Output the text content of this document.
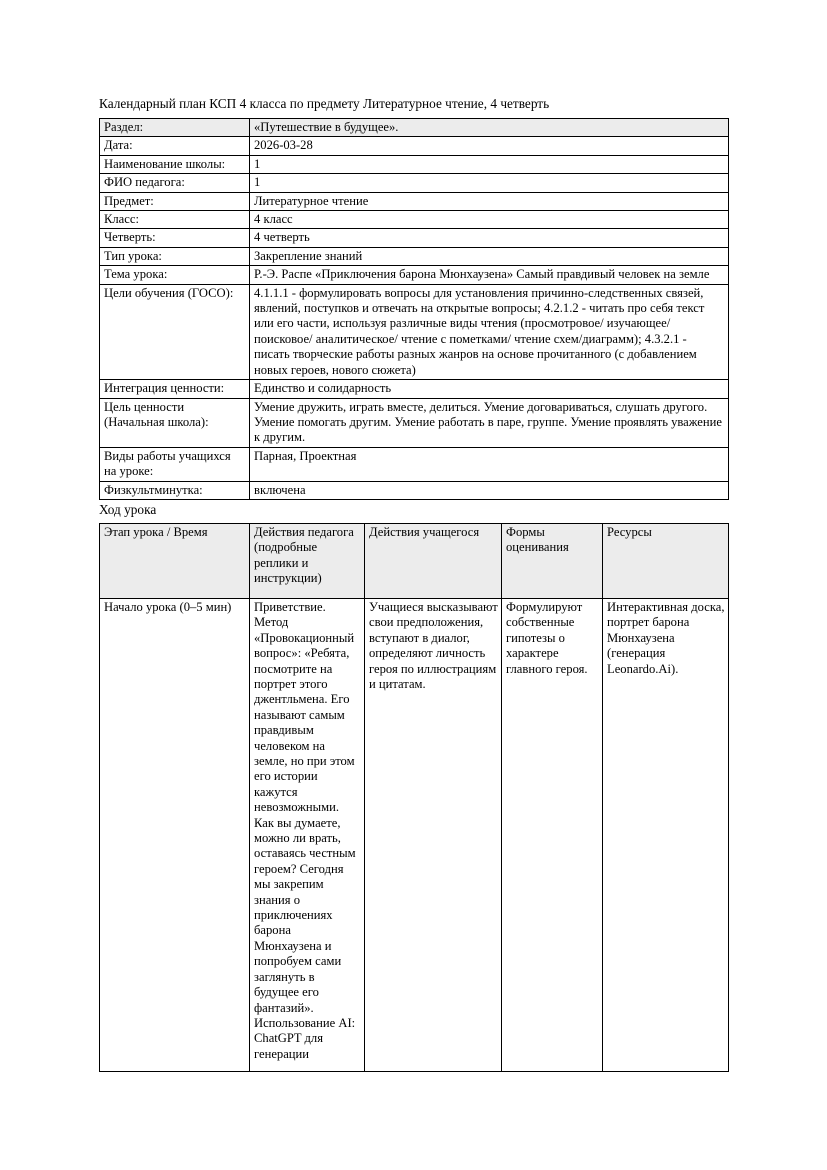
Календарный план КСП 4 класса по предмету Литературное чтение, 4 четверть

Раздел:	«Путешествие в будущее».
Дата:	2026-03-28
Наименование школы:	1
ФИО педагога:	1
Предмет:	Литературное чтение
Класс:	4 класс
Четверть:	4 четверть
Тип урока:	Закрепление знаний
Тема урока:	Р.-Э. Распе «Приключения барона Мюнхаузена» Самый правдивый человек на земле
Цели обучения (ГОСО):	4.1.1.1 - формулировать вопросы для установления причинно-следственных связей, явлений, поступков и отвечать на открытые вопросы; 4.2.1.2 - читать про себя текст или его части, используя различные виды чтения (просмотровое/ изучающее/поисковое/ аналитическое/ чтение с пометками/ чтение схем/диаграмм); 4.3.2.1 - писать творческие работы разных жанров на основе прочитанного (с добавлением новых героев, нового сюжета)
Интеграция ценности:	Единство и солидарность
Цель ценности (Начальная школа):	Умение дружить, играть вместе, делиться. Умение договариваться, слушать другого. Умение помогать другим. Умение работать в паре, группе. Умение проявлять уважение к другим.
Виды работы учащихся на уроке:	Парная, Проектная
Физкультминутка:	включена

Ход урока

Этап урока / Время	Действия педагога (подробные реплики и инструкции)	Действия учащегося	Формы оценивания	Ресурсы
Начало урока (0–5 мин)	Приветствие. Метод «Провокационный вопрос»: «Ребята, посмотрите на портрет этого джентльмена. Его называют самым правдивым человеком на земле, но при этом его истории кажутся невозможными. Как вы думаете, можно ли врать, оставаясь честным героем? Сегодня мы закрепим знания о приключениях барона Мюнхаузена и попробуем сами заглянуть в будущее его фантазий». Использование AI: ChatGPT для генерации	Учащиеся высказывают свои предположения, вступают в диалог, определяют личность героя по иллюстрациям и цитатам.	Формулируют собственные гипотезы о характере главного героя.	Интерактивная доска, портрет барона Мюнхаузена (генерация Leonardo.Ai).
